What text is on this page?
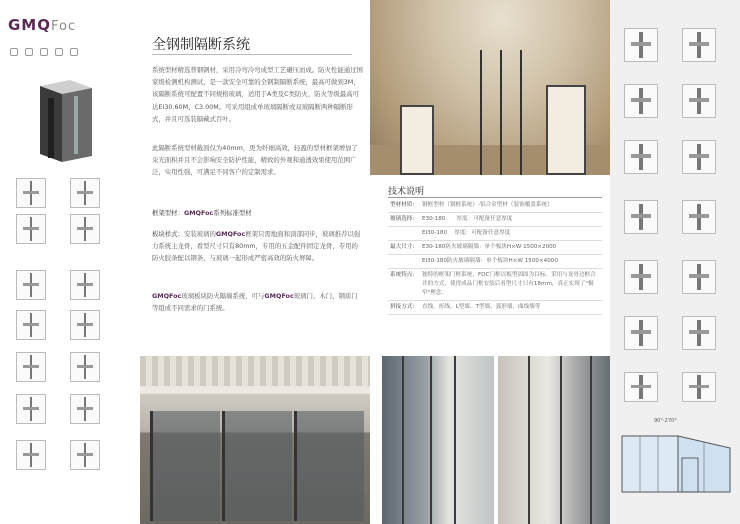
GMQFoc
全钢制隔断系统
系统型材精选普钢钢材，采用冷弯冷弯成型工艺碾压而成。防火性能通过国家级检测机构测试，是一款安全可靠的全钢制隔断系统，最高可做到3M，该隔断系统可配置不同规格玻璃，适用于A类及C类防火，防火等级最高可达EI30.60M、C3.00M。可采用组成单玻璃隔断或双玻隔断两种隔断形式，并且可选装隔藏式百叶。
此隔断系统型材截面仅为40mm，更为纤细高效，轻盈的型材框架增加了采光面积并且不会影响安全防护性能，精致的外观和通透效果使用范围广泛，实用性强，可满足不同客户的定制需求。
框架型材：GMQFoc系列标准型材
板块样式：安装玻璃的GMQFoc框架只需地面和顶部同步，玻璃推荐以强力系统主龙骨，看型尺寸只有80mm，专用的五金配件固定龙骨，专用的防火胶条配以钢条，与玻璃一起形成严密高效的防火屏障。
GMQFoc玻璃板块防火隔墙系统，可与GMQFoc玻璃门、木门、钢质门等组成不同需求的门系统。
技术说明
型材材质：	钢框型材（钢框系统）-铝合金型材（装饰覆盖系统）
玻璃选择：	E30-180　　厚度：可配备任意厚度
	EI30-180　 厚度：可配备任意厚度
最大尺寸：	E30-180防火玻璃隔墙：单个板块H×W 1500×2000
	EI30-180防火玻璃隔墙：单个板块H×W 1500×4000
系统特点：	独特的框架门框系统，FOC门框以板型固固为目标。采用与龙骨边框合并的方式，使得成品门框安装后看型尺寸只有18mm，真正实现了"极窄"理念。
拼接方式：	直线、折线、L型墙、T型墙、弧形墙、曲线墙等
90°-270°
